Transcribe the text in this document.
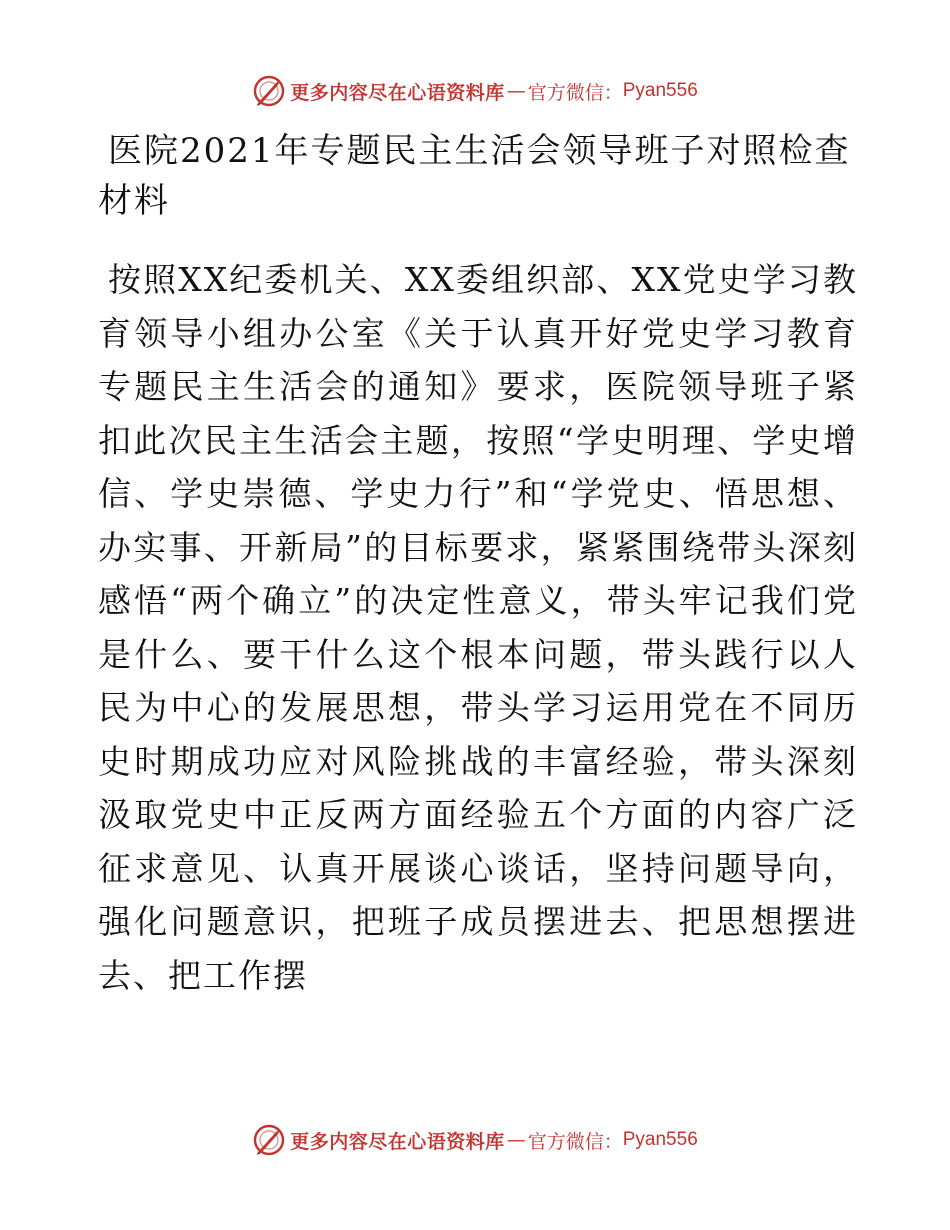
更多内容尽在心语资料库 — 官方微信： Pyan556
医院2021年专题民主生活会领导班子对照检查材料

按照XX纪委机关、XX委组织部、XX党史学习教育领导小组办公室《关于认真开好党史学习教育专题民主生活会的通知》要求，医院领导班子紧扣此次民主生活会主题，按照“学史明理、学史增信、学史崇德、学史力行”和“学党史、悟思想、办实事、开新局”的目标要求，紧紧围绕带头深刻感悟“两个确立”的决定性意义，带头牢记我们党是什么、要干什么这个根本问题，带头践行以人民为中心的发展思想，带头学习运用党在不同历史时期成功应对风险挑战的丰富经验，带头深刻汲取党史中正反两方面经验五个方面的内容广泛征求意见、认真开展谈心谈话，坚持问题导向，强化问题意识，把班子成员摆进去、把思想摆进去、把工作摆

更多内容尽在心语资料库 — 官方微信： Pyan556
